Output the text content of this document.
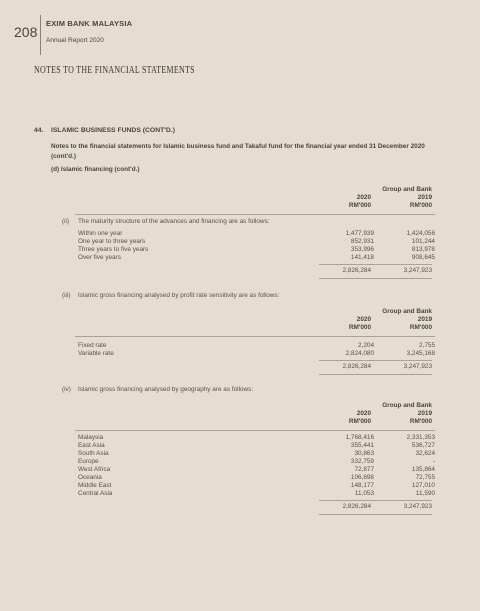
208
EXIM BANK MALAYSIA
Annual Report 2020
NOTES TO THE FINANCIAL STATEMENTS
44. ISLAMIC BUSINESS FUNDS (CONT'D.)
Notes to the financial statements for Islamic business fund and Takaful fund for the financial year ended 31 December 2020 (cont'd.)
(d) Islamic financing (cont'd.)
Group and Bank
2020	2019
RM'000	RM'000
(ii) The maturity structure of the advances and financing are as follows:
Within one year	1,477,939	1,424,056
One year to three years	852,931	101,244
Three years to five years	353,996	813,978
Over five years	141,418	908,645
2,826,284	3,247,923
(iii) Islamic gross financing analysed by profit rate sensitivity are as follows:
Group and Bank
2020	2019
RM'000	RM'000
Fixed rate	2,204	2,755
Variable rate	2,824,080	3,245,168
2,826,284	3,247,923
(iv) Islamic gross financing analysed by geography are as follows:
Group and Bank
2020	2019
RM'000	RM'000
Malaysia	1,768,416	2,331,353
East Asia	355,441	536,727
South Asia	30,863	32,624
Europe	332,759	-
West Africa	72,877	135,864
Oceania	106,698	72,755
Middle East	148,177	127,010
Central Asia	11,053	11,590
2,826,284	3,247,923
